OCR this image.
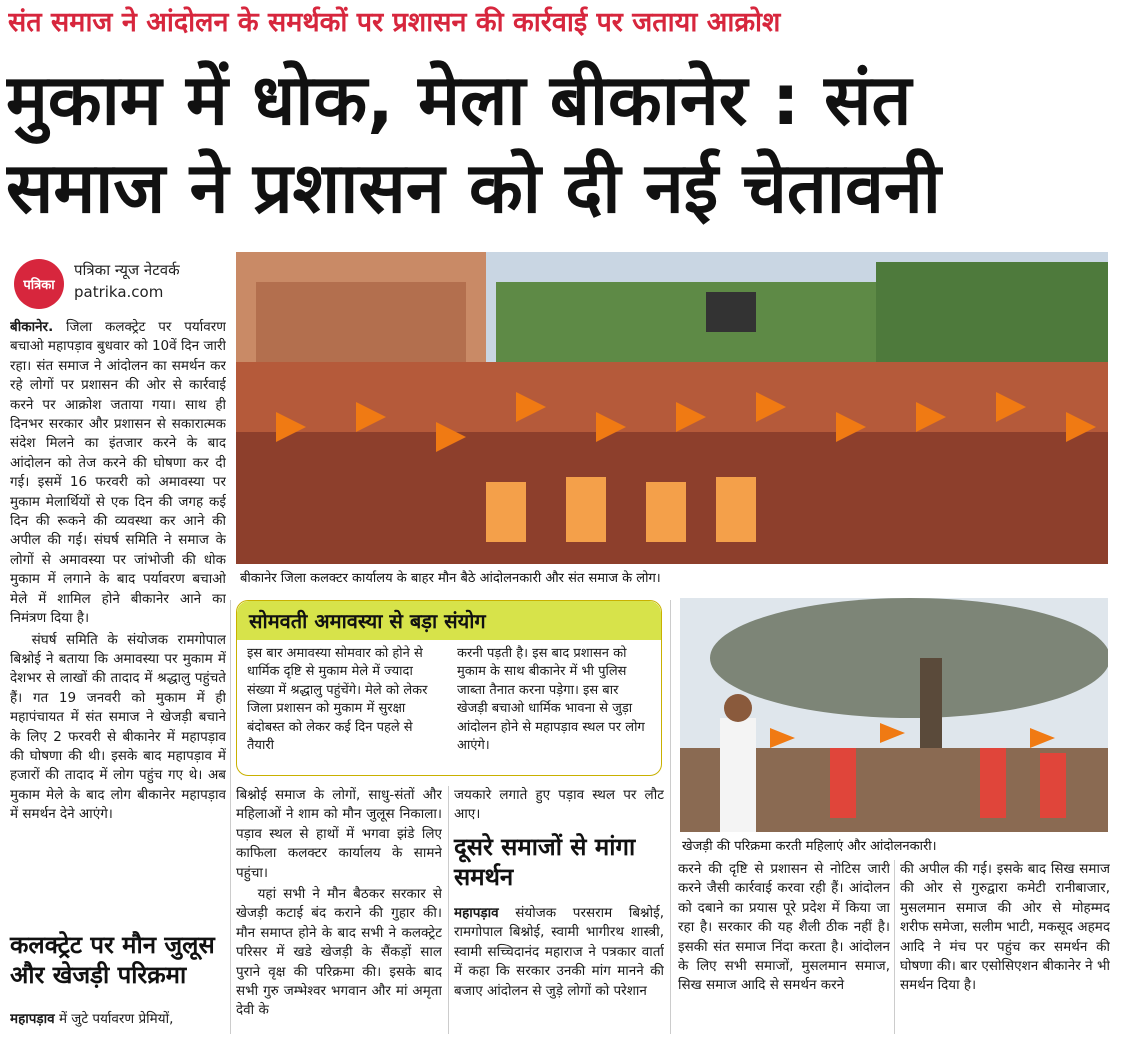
संत समाज ने आंदोलन के समर्थकों पर प्रशासन की कार्रवाई पर जताया आक्रोश
मुकाम में धोक, मेला बीकानेर : संत
समाज ने प्रशासन को दी नई चेतावनी
पत्रिका
पत्रिका न्यूज नेटवर्क
patrika.com

बीकानेर. जिला कलक्ट्रेट पर पर्यावरण बचाओ महापड़ाव बुधवार को 10वें दिन जारी रहा। संत समाज ने आंदोलन का समर्थन कर रहे लोगों पर प्रशासन की ओर से कार्रवाई करने पर आक्रोश जताया गया। साथ ही दिनभर सरकार और प्रशासन से सकारात्मक संदेश मिलने का इंतजार करने के बाद आंदोलन को तेज करने की घोषणा कर दी गई। इसमें 16 फरवरी को अमावस्या पर मुकाम मेलार्थियों से एक दिन की जगह कई दिन की रूकने की व्यवस्था कर आने की अपील की गई। संघर्ष समिति ने समाज के लोगों से अमावस्या पर जांभोजी की धोक मुकाम में लगाने के बाद पर्यावरण बचाओ मेले में शामिल होने बीकानेर आने का निमंत्रण दिया है।

संघर्ष समिति के संयोजक रामगोपाल बिश्नोई ने बताया कि अमावस्या पर मुकाम में देशभर से लाखों की तादाद में श्रद्धालु पहुंचते हैं। गत 19 जनवरी को मुकाम में ही महापंचायत में संत समाज ने खेजड़ी बचाने के लिए 2 फरवरी से बीकानेर में महापड़ाव की घोषणा की थी। इसके बाद महापड़ाव में हजारों की तादाद में लोग पहुंच गए थे। अब मुकाम मेले के बाद लोग बीकानेर महापड़ाव में समर्थन देने आएंगे।

कलक्ट्रेट पर मौन जुलूस और खेजड़ी परिक्रमा
महापड़ाव में जुटे पर्यावरण प्रेमियों,
बीकानेर जिला कलक्टर कार्यालय के बाहर मौन बैठे आंदोलनकारी और संत समाज के लोग।
सोमवती अमावस्या से बड़ा संयोग
इस बार अमावस्या सोमवार को होने से धार्मिक दृष्टि से मुकाम मेले में ज्यादा संख्या में श्रद्धालु पहुंचेंगे। मेले को लेकर जिला प्रशासन को मुकाम में सुरक्षा बंदोबस्त को लेकर कई दिन पहले से तैयारी
करनी पड़ती है। इस बाद प्रशासन को मुकाम के साथ बीकानेर में भी पुलिस जाब्ता तैनात करना पड़ेगा। इस बार खेजड़ी बचाओ धार्मिक भावना से जुड़ा आंदोलन होने से महापड़ाव स्थल पर लोग आएंगे।

बिश्नोई समाज के लोगों, साधु-संतों और महिलाओं ने शाम को मौन जुलूस निकाला। पड़ाव स्थल से हाथों में भगवा झंडे लिए काफिला कलक्टर कार्यालय के सामने पहुंचा।

यहां सभी ने मौन बैठकर सरकार से खेजड़ी कटाई बंद कराने की गुहार की। मौन समाप्त होने के बाद सभी ने कलक्ट्रेट परिसर में खडे खेजड़ी के सैंकड़ों साल पुराने वृक्ष की परिक्रमा की। इसके बाद सभी गुरु जम्भेश्वर भगवान और मां अमृता देवी के

जयकारे लगाते हुए पड़ाव स्थल पर लौट आए।
दूसरे समाजों से मांगा समर्थन
महापड़ाव संयोजक परसराम बिश्नोई, रामगोपाल बिश्नोई, स्वामी भागीरथ शास्त्री, स्वामी सच्चिदानंद महाराज ने पत्रकार वार्ता में कहा कि सरकार उनकी मांग मानने की बजाए आंदोलन से जुड़े लोगों को परेशान
खेजड़ी की परिक्रमा करती महिलाएं और आंदोलनकारी।
करने की दृष्टि से प्रशासन से नोटिस जारी करने जैसी कार्रवाई करवा रही हैं। आंदोलन को दबाने का प्रयास पूरे प्रदेश में किया जा रहा है। सरकार की यह शैली ठीक नहीं है। इसकी संत समाज निंदा करता है। आंदोलन के लिए सभी समाजों, मुसलमान समाज, सिख समाज आदि से समर्थन करने
की अपील की गई। इसके बाद सिख समाज की ओर से गुरुद्वारा कमेटी रानीबाजार, मुसलमान समाज की ओर से मोहम्मद शरीफ समेजा, सलीम भाटी, मकसूद अहमद आदि ने मंच पर पहुंच कर समर्थन की घोषणा की। बार एसोसिएशन बीकानेर ने भी समर्थन दिया है।
